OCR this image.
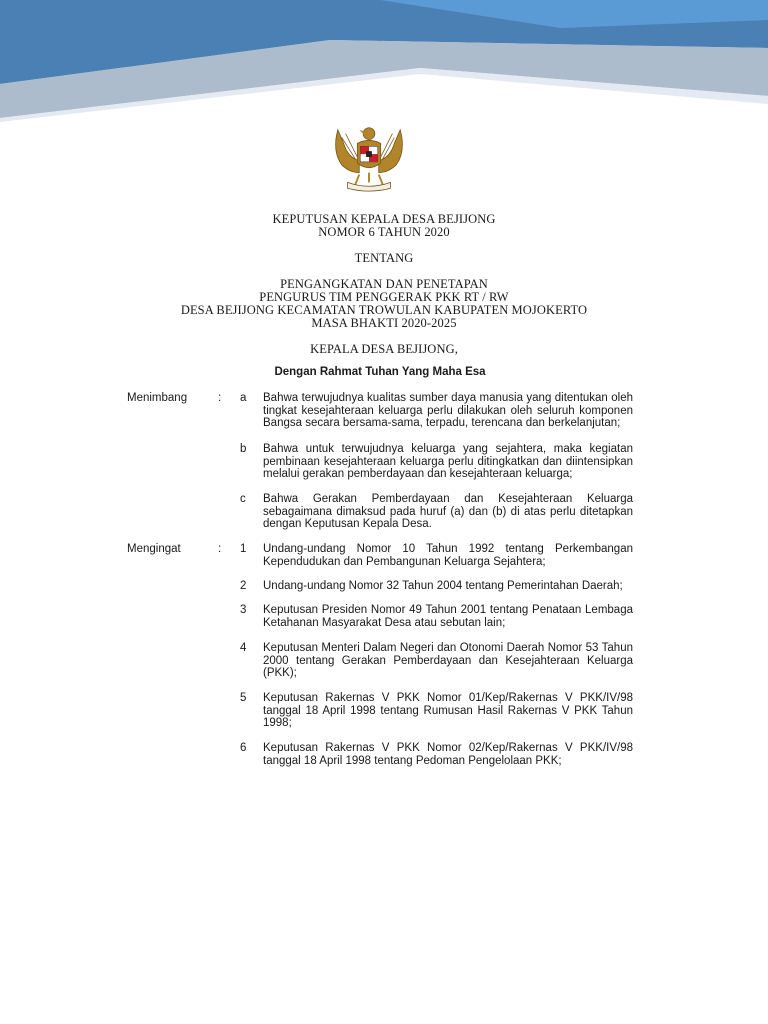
KEPUTUSAN KEPALA DESA BEJIJONG
NOMOR 6 TAHUN 2020
TENTANG
PENGANGKATAN DAN PENETAPAN
PENGURUS TIM PENGGERAK PKK RT / RW
DESA BEJIJONG KECAMATAN TROWULAN KABUPATEN MOJOKERTO
MASA BHAKTI 2020-2025
KEPALA DESA BEJIJONG,
Dengan Rahmat Tuhan Yang Maha Esa
Menimbang	: a	Bahwa terwujudnya kualitas sumber daya manusia yang ditentukan oleh tingkat kesejahteraan keluarga perlu dilakukan oleh seluruh komponen Bangsa secara bersama-sama, terpadu, terencana dan berkelanjutan;
b	Bahwa untuk terwujudnya keluarga yang sejahtera, maka kegiatan pembinaan kesejahteraan keluarga perlu ditingkatkan dan diintensipkan melalui gerakan pemberdayaan dan kesejahteraan keluarga;
c	Bahwa Gerakan Pemberdayaan dan Kesejahteraan Keluarga sebagaimana dimaksud pada huruf (a) dan (b) di atas perlu ditetapkan dengan Keputusan Kepala Desa.
Mengingat	: 1	Undang-undang Nomor 10 Tahun 1992 tentang Perkembangan Kependudukan dan Pembangunan Keluarga Sejahtera;
2	Undang-undang Nomor 32 Tahun 2004 tentang Pemerintahan Daerah;
3	Keputusan Presiden Nomor 49 Tahun 2001 tentang Penataan Lembaga Ketahanan Masyarakat Desa atau sebutan lain;
4	Keputusan Menteri Dalam Negeri dan Otonomi Daerah Nomor 53 Tahun 2000 tentang Gerakan Pemberdayaan dan Kesejahteraan Keluarga (PKK);
5	Keputusan Rakernas V PKK Nomor 01/Kep/Rakernas V PKK/IV/98 tanggal 18 April 1998 tentang Rumusan Hasil Rakernas V PKK Tahun 1998;
6	Keputusan Rakernas V PKK Nomor 02/Kep/Rakernas V PKK/IV/98 tanggal 18 April 1998 tentang Pedoman Pengelolaan PKK;
